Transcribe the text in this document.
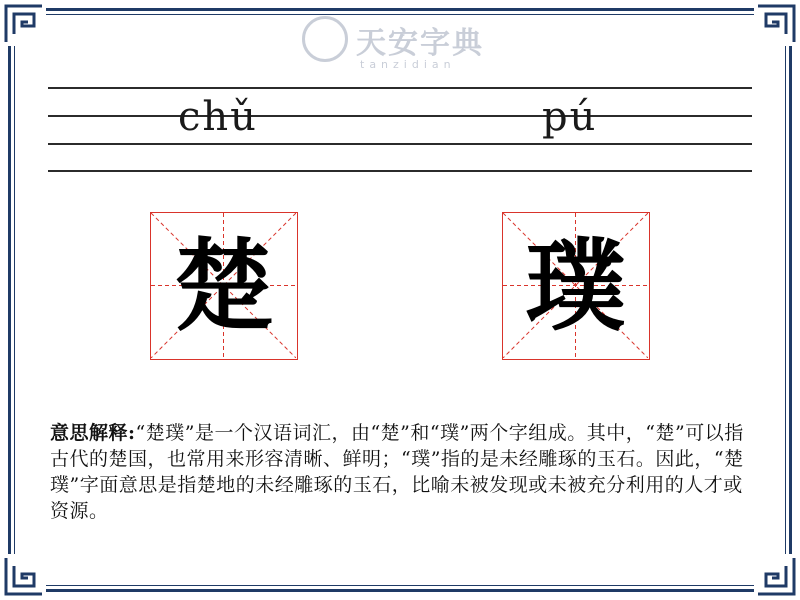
天安字典
tanzidian
chǔ	pú
楚	璞
意思解释:“楚璞”是一个汉语词汇，由“楚”和“璞”两个字组成。其中，“楚”可以指古代的楚国，也常用来形容清晰、鲜明；“璞”指的是未经雕琢的玉石。因此，“楚璞”字面意思是指楚地的未经雕琢的玉石，比喻未被发现或未被充分利用的人才或资源。
